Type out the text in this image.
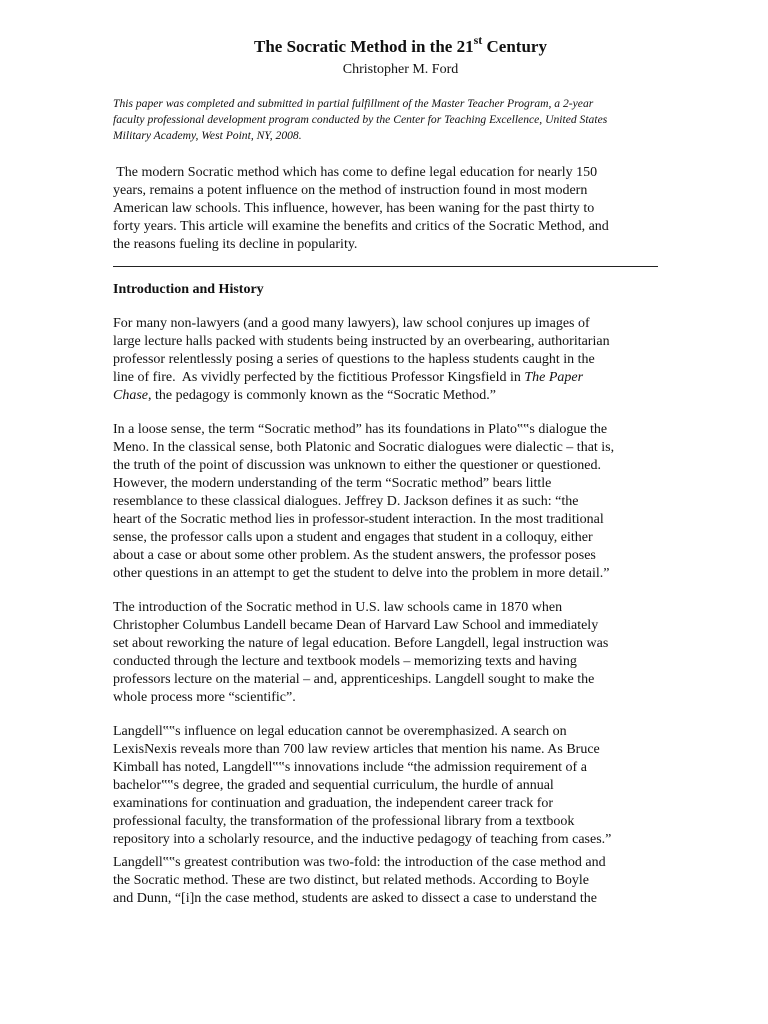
The Socratic Method in the 21st Century
Christopher M. Ford
This paper was completed and submitted in partial fulfillment of the Master Teacher Program, a 2-year
faculty professional development program conducted by the Center for Teaching Excellence, United States
Military Academy, West Point, NY, 2008.
The modern Socratic method which has come to define legal education for nearly 150
years, remains a potent influence on the method of instruction found in most modern
American law schools. This influence, however, has been waning for the past thirty to
forty years. This article will examine the benefits and critics of the Socratic Method, and
the reasons fueling its decline in popularity.
Introduction and History
For many non-lawyers (and a good many lawyers), law school conjures up images of
large lecture halls packed with students being instructed by an overbearing, authoritarian
professor relentlessly posing a series of questions to the hapless students caught in the
line of fire.  As vividly perfected by the fictitious Professor Kingsfield in The Paper
Chase, the pedagogy is commonly known as the “Socratic Method.”
In a loose sense, the term “Socratic method” has its foundations in Plato‟‟s dialogue the
Meno. In the classical sense, both Platonic and Socratic dialogues were dialectic – that is,
the truth of the point of discussion was unknown to either the questioner or questioned.
However, the modern understanding of the term “Socratic method” bears little
resemblance to these classical dialogues. Jeffrey D. Jackson defines it as such: “the
heart of the Socratic method lies in professor-student interaction. In the most traditional
sense, the professor calls upon a student and engages that student in a colloquy, either
about a case or about some other problem. As the student answers, the professor poses
other questions in an attempt to get the student to delve into the problem in more detail.”
The introduction of the Socratic method in U.S. law schools came in 1870 when
Christopher Columbus Landell became Dean of Harvard Law School and immediately
set about reworking the nature of legal education. Before Langdell, legal instruction was
conducted through the lecture and textbook models – memorizing texts and having
professors lecture on the material – and, apprenticeships. Langdell sought to make the
whole process more “scientific”.
Langdell‟‟s influence on legal education cannot be overemphasized. A search on
LexisNexis reveals more than 700 law review articles that mention his name. As Bruce
Kimball has noted, Langdell‟‟s innovations include “the admission requirement of a
bachelor‟‟s degree, the graded and sequential curriculum, the hurdle of annual
examinations for continuation and graduation, the independent career track for
professional faculty, the transformation of the professional library from a textbook
repository into a scholarly resource, and the inductive pedagogy of teaching from cases.”
Langdell‟‟s greatest contribution was two-fold: the introduction of the case method and
the Socratic method. These are two distinct, but related methods. According to Boyle
and Dunn, “[i]n the case method, students are asked to dissect a case to understand the
